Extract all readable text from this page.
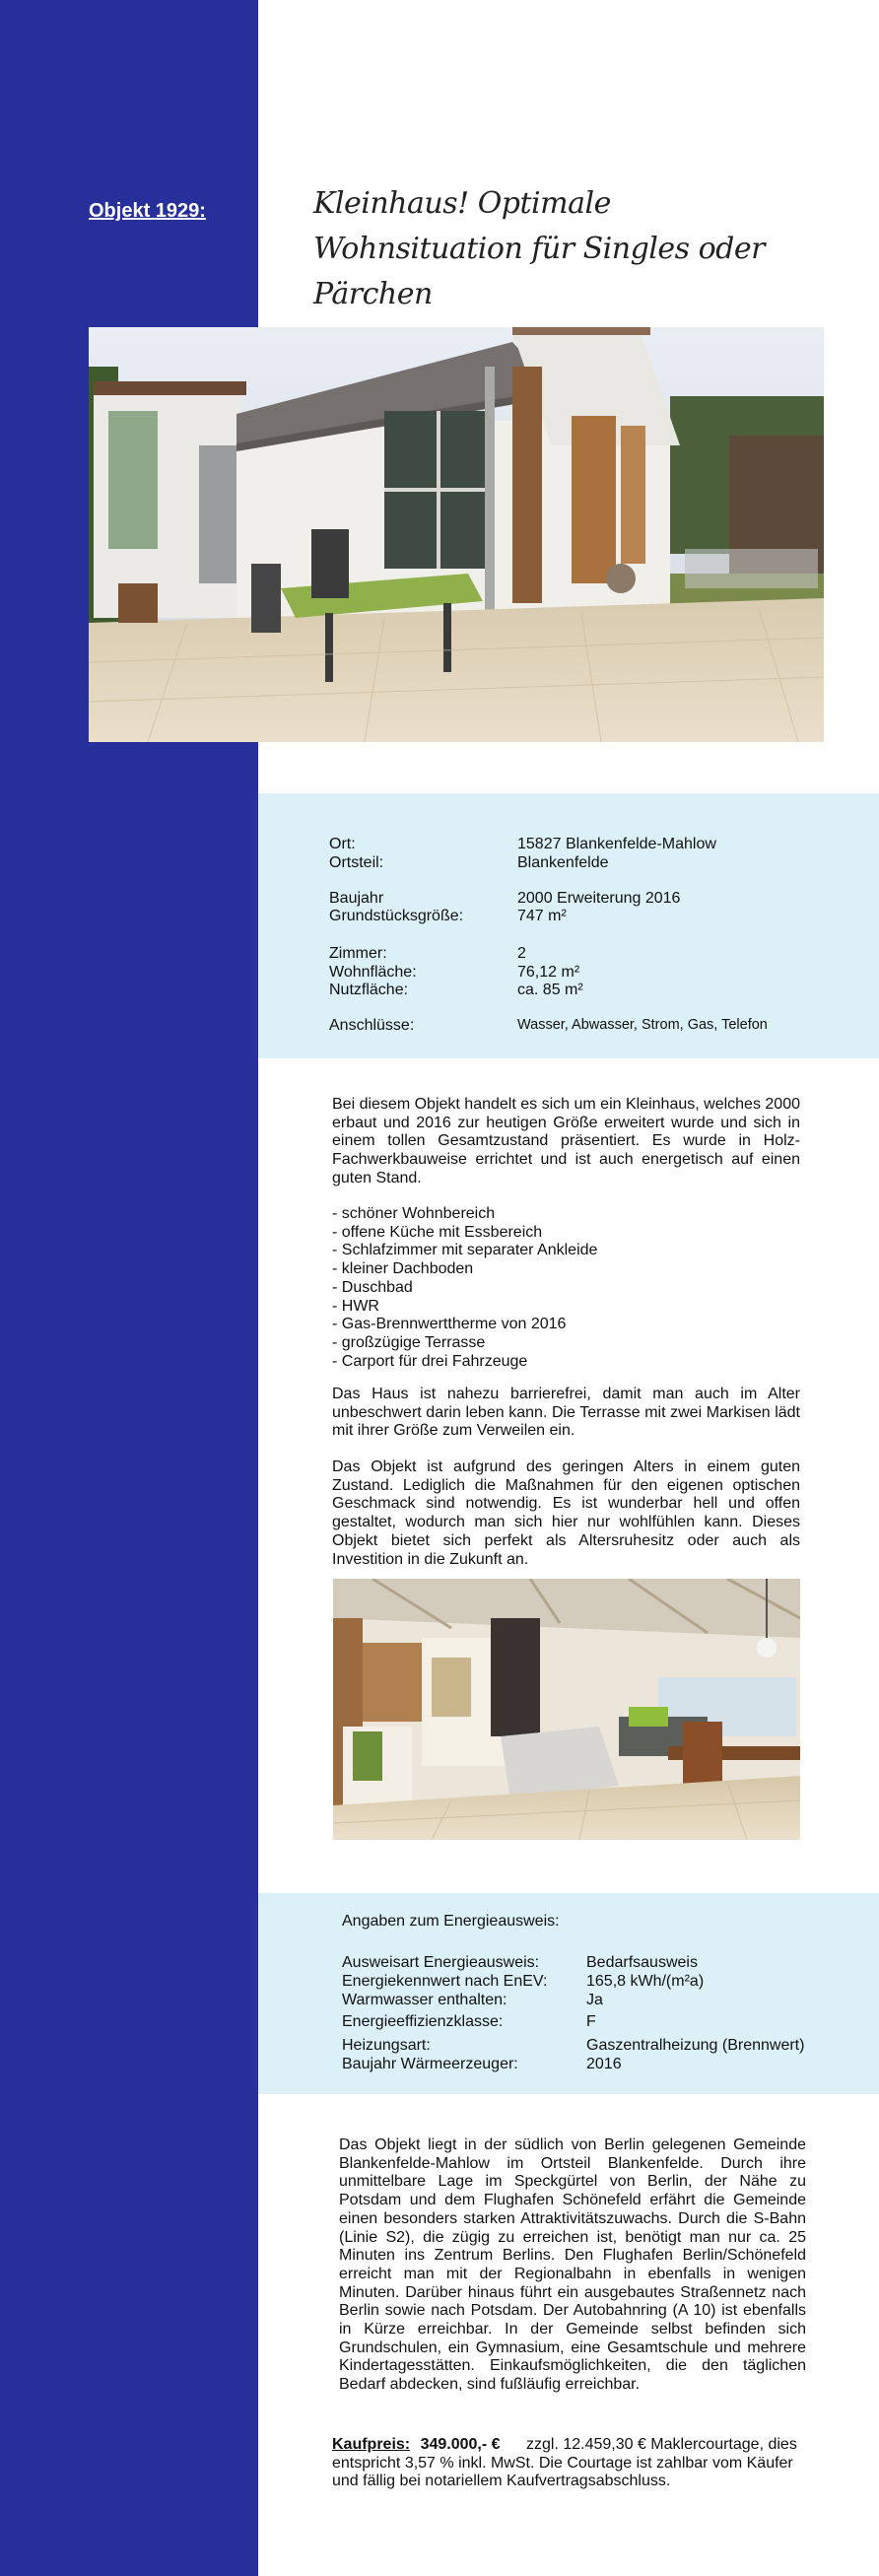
Objekt 1929:	Kleinhaus! Optimale Wohnsituation für Singles oder Pärchen
Ort:	15827 Blankenfelde-Mahlow
Ortsteil:	Blankenfelde
Baujahr	2000 Erweiterung 2016
Grundstücksgröße:	747 m²
Zimmer:	2
Wohnfläche:	76,12 m²
Nutzfläche:	ca. 85 m²
Anschlüsse:	Wasser, Abwasser, Strom, Gas, Telefon
Bei diesem Objekt handelt es sich um ein Kleinhaus, welches 2000 erbaut und 2016 zur heutigen Größe erweitert wurde und sich in einem tollen Gesamtzustand präsentiert. Es wurde in Holz-Fachwerkbauweise errichtet und ist auch energetisch auf einen guten Stand.
- schöner Wohnbereich
- offene Küche mit Essbereich
- Schlafzimmer mit separater Ankleide
- kleiner Dachboden
- Duschbad
- HWR
- Gas-Brennwerttherme von 2016
- großzügige Terrasse
- Carport für drei Fahrzeuge
Das Haus ist nahezu barrierefrei, damit man auch im Alter unbeschwert darin leben kann. Die Terrasse mit zwei Markisen lädt mit ihrer Größe zum Verweilen ein.
Das Objekt ist aufgrund des geringen Alters in einem guten Zustand. Lediglich die Maßnahmen für den eigenen optischen Geschmack sind notwendig. Es ist wunderbar hell und offen gestaltet, wodurch man sich hier nur wohlfühlen kann. Dieses Objekt bietet sich perfekt als Altersruhesitz oder auch als Investition in die Zukunft an.
Angaben zum Energieausweis:
Ausweisart Energieausweis:	Bedarfsausweis
Energiekennwert nach EnEV: 165,8 kWh/(m²a)
Warmwasser enthalten:	Ja
Energieeffizienzklasse:	F
Heizungsart:	Gaszentralheizung (Brennwert)
Baujahr Wärmeerzeuger:	2016
Das Objekt liegt in der südlich von Berlin gelegenen Gemeinde Blankenfelde-Mahlow im Ortsteil Blankenfelde. Durch ihre unmittelbare Lage im Speckgürtel von Berlin, der Nähe zu Potsdam und dem Flughafen Schönefeld erfährt die Gemeinde einen besonders starken Attraktivitätszuwachs. Durch die S-Bahn (Linie S2), die zügig zu erreichen ist, benötigt man nur ca. 25 Minuten ins Zentrum Berlins. Den Flughafen Berlin/Schönefeld erreicht man mit der Regionalbahn in ebenfalls in wenigen Minuten. Darüber hinaus führt ein ausgebautes Straßennetz nach Berlin sowie nach Potsdam. Der Autobahnring (A 10) ist ebenfalls in Kürze erreichbar. In der Gemeinde selbst befinden sich Grundschulen, ein Gymnasium, eine Gesamtschule und mehrere Kindertagesstätten. Einkaufsmöglichkeiten, die den täglichen Bedarf abdecken, sind fußläufig erreichbar.
Kaufpreis: 349.000,- € zzgl. 12.459,30 € Maklercourtage, dies entspricht 3,57 % inkl. MwSt. Die Courtage ist zahlbar vom Käufer und fällig bei notariellem Kaufvertragsabschluss.
